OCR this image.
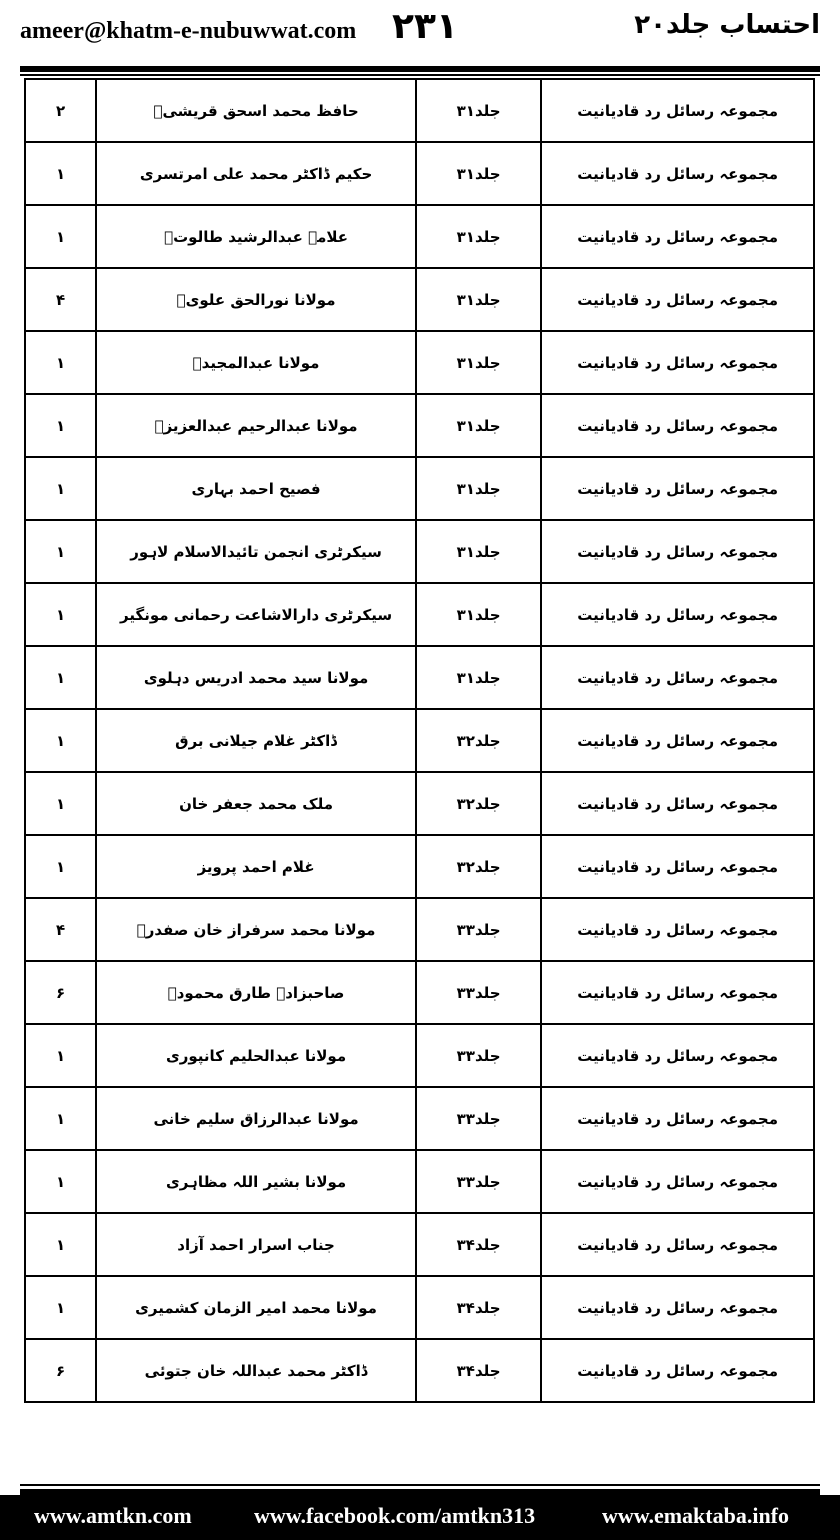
ameer@khatm-e-nubuwwat.com ۲۳۱	احتساب جلد۲۰
۲	حافظ محمد اسحق قریشیؒ	جلد۳۱	مجموعہ رسائل رد قادیانیت
۱	حکیم ڈاکٹر محمد علی امرتسری	جلد۳۱	مجموعہ رسائل رد قادیانیت
۱	علامہ عبدالرشید طالوتؒ	جلد۳۱	مجموعہ رسائل رد قادیانیت
۴	مولانا نورالحق علویؒ	جلد۳۱	مجموعہ رسائل رد قادیانیت
۱	مولانا عبدالمجیدؒ	جلد۳۱	مجموعہ رسائل رد قادیانیت
۱	مولانا عبدالرحیم عبدالعزیزؒ	جلد۳۱	مجموعہ رسائل رد قادیانیت
۱	فصیح احمد بہاری	جلد۳۱	مجموعہ رسائل رد قادیانیت
۱	سیکرٹری انجمن تائیدالاسلام لاہور	جلد۳۱	مجموعہ رسائل رد قادیانیت
۱	سیکرٹری دارالاشاعت رحمانی مونگیر	جلد۳۱	مجموعہ رسائل رد قادیانیت
۱	مولانا سید محمد ادریس دہلوی	جلد۳۱	مجموعہ رسائل رد قادیانیت
۱	ڈاکٹر غلام جیلانی برق	جلد۳۲	مجموعہ رسائل رد قادیانیت
۱	ملک محمد جعفر خان	جلد۳۲	مجموعہ رسائل رد قادیانیت
۱	غلام احمد پرویز	جلد۳۲	مجموعہ رسائل رد قادیانیت
۴	مولانا محمد سرفراز خان صفدرؒ	جلد۳۳	مجموعہ رسائل رد قادیانیت
۶	صاحبزادہ طارق محمودؒ	جلد۳۳	مجموعہ رسائل رد قادیانیت
۱	مولانا عبدالحلیم کانپوری	جلد۳۳	مجموعہ رسائل رد قادیانیت
۱	مولانا عبدالرزاق سلیم خانی	جلد۳۳	مجموعہ رسائل رد قادیانیت
۱	مولانا بشیر اللہ مظاہری	جلد۳۳	مجموعہ رسائل رد قادیانیت
۱	جناب اسرار احمد آزاد	جلد۳۴	مجموعہ رسائل رد قادیانیت
۱	مولانا محمد امیر الزمان کشمیری	جلد۳۴	مجموعہ رسائل رد قادیانیت
۶	ڈاکٹر محمد عبداللہ خان جتوئی	جلد۳۴	مجموعہ رسائل رد قادیانیت
www.amtkn.com	www.facebook.com/amtkn313	www.emaktaba.info
